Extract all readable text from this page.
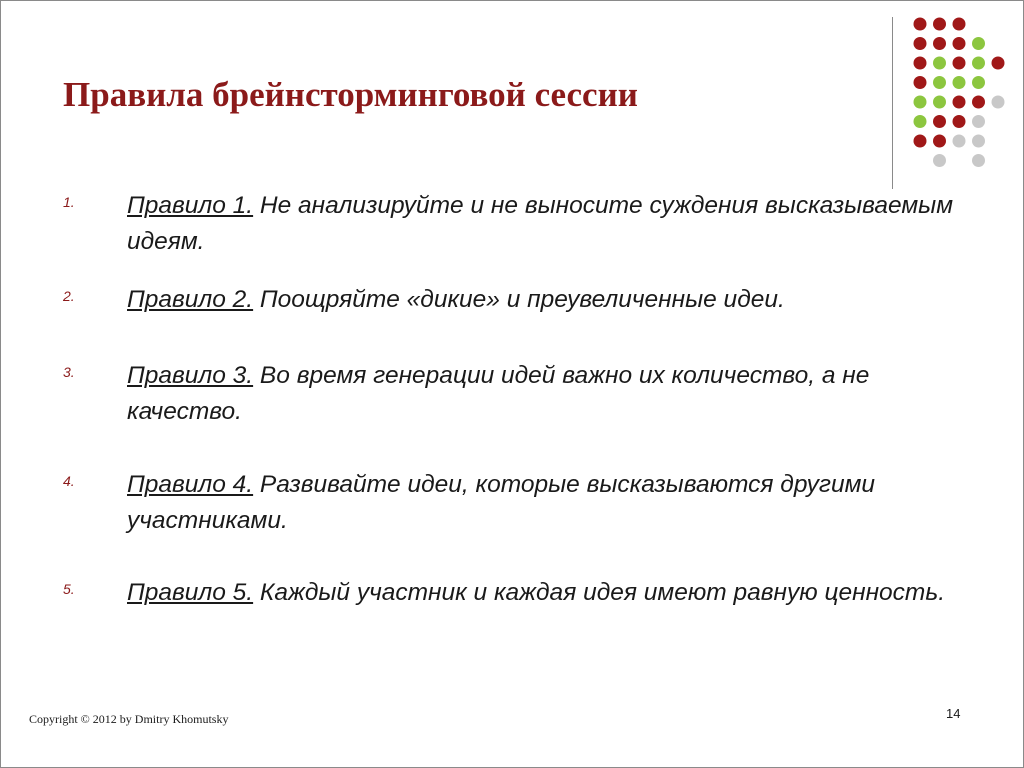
Правила брейнсторминговой сессии
1. Правило 1. Не анализируйте и не выносите суждения высказываемым идеям.
2. Правило 2. Поощряйте «дикие» и преувеличенные идеи.
3. Правило 3. Во время генерации идей важно их количество, а не качество.
4. Правило 4. Развивайте идеи, которые высказываются другими участниками.
5. Правило 5. Каждый участник и каждая идея имеют равную ценность.
Copyright © 2012 by Dmitry Khomutsky	14
